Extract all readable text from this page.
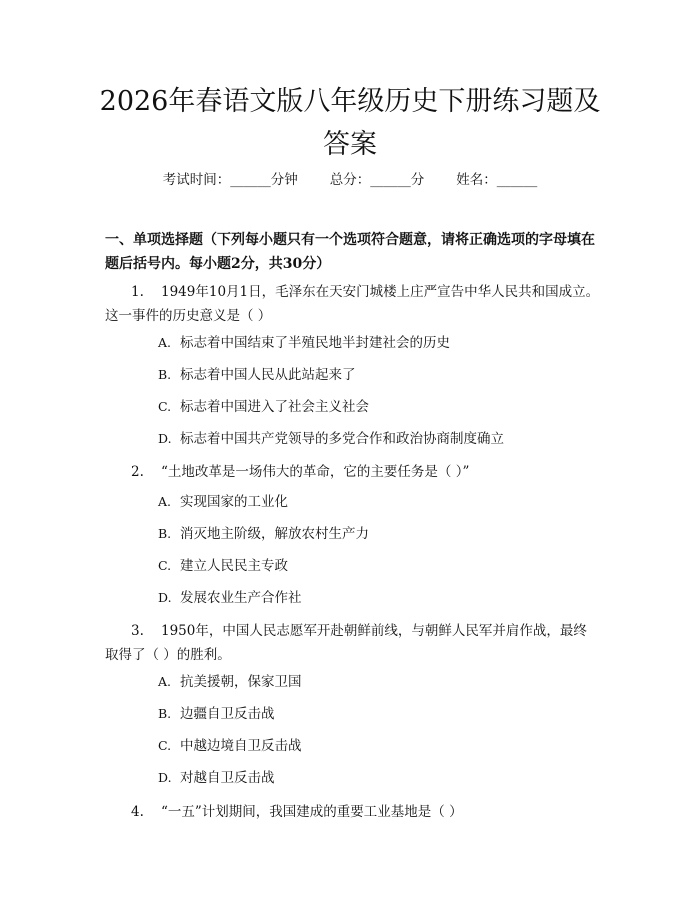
2026年春语文版八年级历史下册练习题及答案
考试时间：______分钟 总分：______分 姓名：______
一、单项选择题（下列每小题只有一个选项符合题意，请将正确选项的字母填在题后括号内。每小题2分，共30分）
1. 1949年10月1日，毛泽东在天安门城楼上庄严宣告中华人民共和国成立。这一事件的历史意义是（ ）
A. 标志着中国结束了半殖民地半封建社会的历史
B. 标志着中国人民从此站起来了
C. 标志着中国进入了社会主义社会
D. 标志着中国共产党领导的多党合作和政治协商制度确立
2. “土地改革是一场伟大的革命，它的主要任务是（ ）”
A. 实现国家的工业化
B. 消灭地主阶级，解放农村生产力
C. 建立人民民主专政
D. 发展农业生产合作社
3. 1950年，中国人民志愿军开赴朝鲜前线，与朝鲜人民军并肩作战，最终取得了（ ）的胜利。
A. 抗美援朝，保家卫国
B. 边疆自卫反击战
C. 中越边境自卫反击战
D. 对越自卫反击战
4. “一五”计划期间，我国建成的重要工业基地是（ ）
